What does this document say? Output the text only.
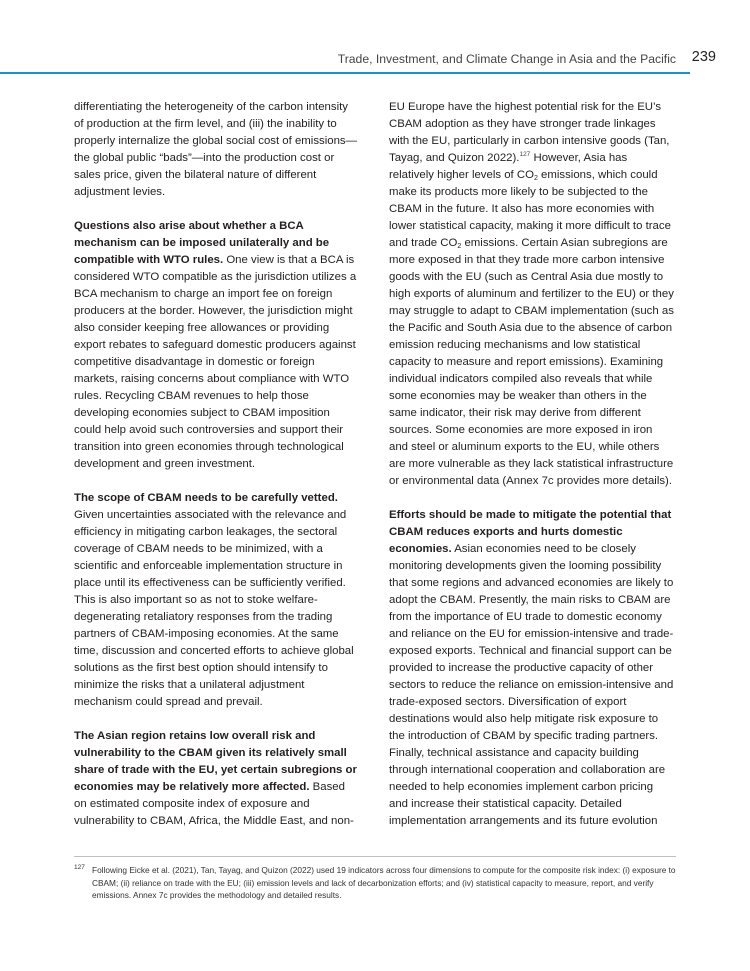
Trade, Investment, and Climate Change in Asia and the Pacific 239

differentiating the heterogeneity of the carbon intensity of production at the firm level, and (iii) the inability to properly internalize the global social cost of emissions—the global public “bads”—into the production cost or sales price, given the bilateral nature of different adjustment levies.

Questions also arise about whether a BCA mechanism can be imposed unilaterally and be compatible with WTO rules. One view is that a BCA is considered WTO compatible as the jurisdiction utilizes a BCA mechanism to charge an import fee on foreign producers at the border. However, the jurisdiction might also consider keeping free allowances or providing export rebates to safeguard domestic producers against competitive disadvantage in domestic or foreign markets, raising concerns about compliance with WTO rules. Recycling CBAM revenues to help those developing economies subject to CBAM imposition could help avoid such controversies and support their transition into green economies through technological development and green investment.

The scope of CBAM needs to be carefully vetted. Given uncertainties associated with the relevance and efficiency in mitigating carbon leakages, the sectoral coverage of CBAM needs to be minimized, with a scientific and enforceable implementation structure in place until its effectiveness can be sufficiently verified. This is also important so as not to stoke welfare-degenerating retaliatory responses from the trading partners of CBAM-imposing economies. At the same time, discussion and concerted efforts to achieve global solutions as the first best option should intensify to minimize the risks that a unilateral adjustment mechanism could spread and prevail.

The Asian region retains low overall risk and vulnerability to the CBAM given its relatively small share of trade with the EU, yet certain subregions or economies may be relatively more affected. Based on estimated composite index of exposure and vulnerability to CBAM, Africa, the Middle East, and non-

EU Europe have the highest potential risk for the EU’s CBAM adoption as they have stronger trade linkages with the EU, particularly in carbon intensive goods (Tan, Tayag, and Quizon 2022).$^{127}$ However, Asia has relatively higher levels of $CO_2$ emissions, which could make its products more likely to be subjected to the CBAM in the future. It also has more economies with lower statistical capacity, making it more difficult to trace and trade $CO_2$ emissions. Certain Asian subregions are more exposed in that they trade more carbon intensive goods with the EU (such as Central Asia due mostly to high exports of aluminum and fertilizer to the EU) or they may struggle to adapt to CBAM implementation (such as the Pacific and South Asia due to the absence of carbon emission reducing mechanisms and low statistical capacity to measure and report emissions). Examining individual indicators compiled also reveals that while some economies may be weaker than others in the same indicator, their risk may derive from different sources. Some economies are more exposed in iron and steel or aluminum exports to the EU, while others are more vulnerable as they lack statistical infrastructure or environmental data (Annex 7c provides more details).

Efforts should be made to mitigate the potential that CBAM reduces exports and hurts domestic economies. Asian economies need to be closely monitoring developments given the looming possibility that some regions and advanced economies are likely to adopt the CBAM. Presently, the main risks to CBAM are from the importance of EU trade to domestic economy and reliance on the EU for emission-intensive and trade-exposed exports. Technical and financial support can be provided to increase the productive capacity of other sectors to reduce the reliance on emission-intensive and trade-exposed sectors. Diversification of export destinations would also help mitigate risk exposure to the introduction of CBAM by specific trading partners. Finally, technical assistance and capacity building through international cooperation and collaboration are needed to help economies implement carbon pricing and increase their statistical capacity. Detailed implementation arrangements and its future evolution

127 Following Eicke et al. (2021), Tan, Tayag, and Quizon (2022) used 19 indicators across four dimensions to compute for the composite risk index: (i) exposure to CBAM; (ii) reliance on trade with the EU; (iii) emission levels and lack of decarbonization efforts; and (iv) statistical capacity to measure, report, and verify emissions. Annex 7c provides the methodology and detailed results.
